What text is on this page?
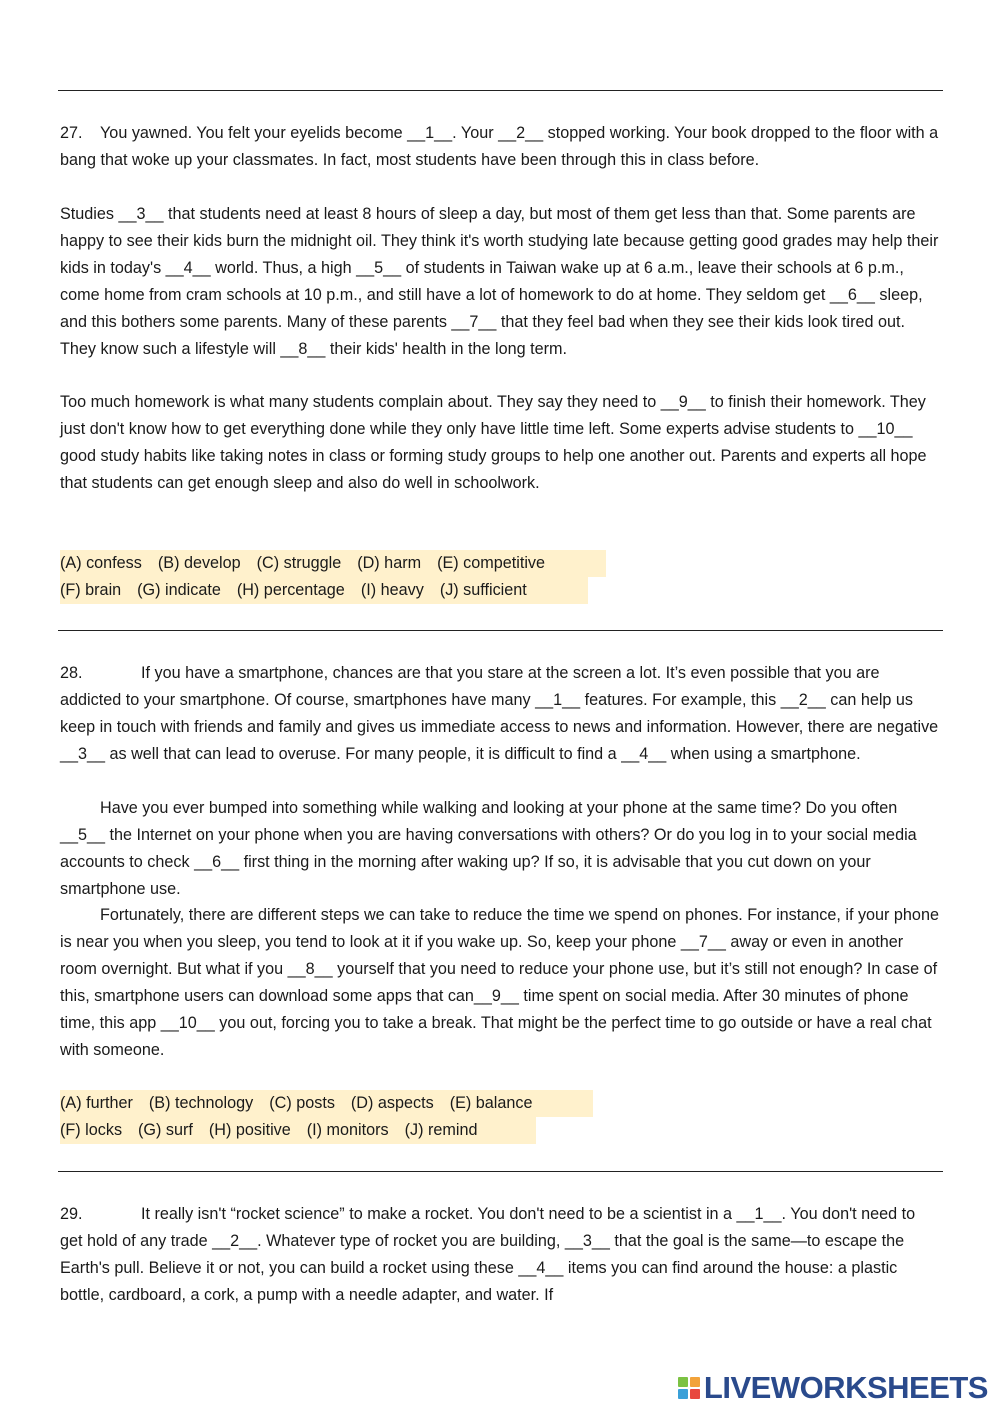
27. You yawned. You felt your eyelids become __1__. Your __2__ stopped working. Your book dropped to the floor with a bang that woke up your classmates. In fact, most students have been through this in class before.

Studies __3__ that students need at least 8 hours of sleep a day, but most of them get less than that. Some parents are happy to see their kids burn the midnight oil. They think it's worth studying late because getting good grades may help their kids in today's __4__ world. Thus, a high __5__ of students in Taiwan wake up at 6 a.m., leave their schools at 6 p.m., come home from cram schools at 10 p.m., and still have a lot of homework to do at home. They seldom get __6__ sleep, and this bothers some parents. Many of these parents __7__ that they feel bad when they see their kids look tired out. They know such a lifestyle will __8__ their kids' health in the long term.

Too much homework is what many students complain about. They say they need to __9__ to finish their homework. They just don't know how to get everything done while they only have little time left. Some experts advise students to __10__ good study habits like taking notes in class or forming study groups to help one another out. Parents and experts all hope that students can get enough sleep and also do well in schoolwork.

(A) confess (B) develop (C) struggle (D) harm (E) competitive
(F) brain (G) indicate (H) percentage (I) heavy (J) sufficient

28.	If you have a smartphone, chances are that you stare at the screen a lot. It’s even possible that you are addicted to your smartphone. Of course, smartphones have many __1__ features. For example, this __2__ can help us keep in touch with friends and family and gives us immediate access to news and information. However, there are negative __3__ as well that can lead to overuse. For many people, it is difficult to find a __4__ when using a smartphone.

Have you ever bumped into something while walking and looking at your phone at the same time? Do you often __5__ the Internet on your phone when you are having conversations with others? Or do you log in to your social media accounts to check __6__ first thing in the morning after waking up? If so, it is advisable that you cut down on your smartphone use.

Fortunately, there are different steps we can take to reduce the time we spend on phones. For instance, if your phone is near you when you sleep, you tend to look at it if you wake up. So, keep your phone __7__ away or even in another room overnight. But what if you __8__ yourself that you need to reduce your phone use, but it’s still not enough? In case of this, smartphone users can download some apps that can__9__ time spent on social media. After 30 minutes of phone time, this app __10__ you out, forcing you to take a break. That might be the perfect time to go outside or have a real chat with someone.

(A) further (B) technology (C) posts (D) aspects (E) balance
(F) locks (G) surf (H) positive (I) monitors (J) remind

29.	It really isn't “rocket science” to make a rocket. You don't need to be a scientist in a __1__. You don't need to get hold of any trade __2__. Whatever type of rocket you are building, __3__ that the goal is the same—to escape the Earth's pull. Believe it or not, you can build a rocket using these __4__ items you can find around the house: a plastic bottle, cardboard, a cork, a pump with a needle adapter, and water. If

LIVEWORKSHEETS
